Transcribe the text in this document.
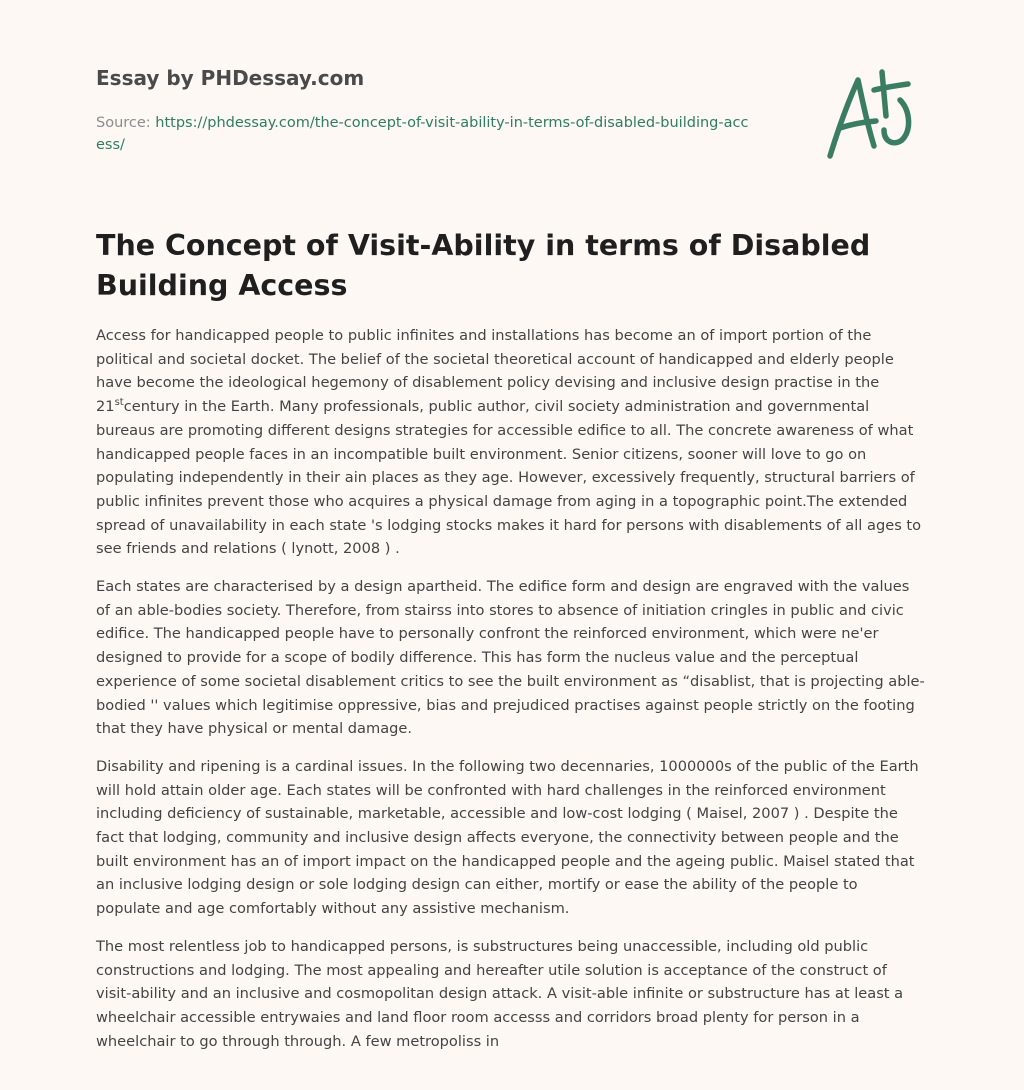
Essay by PHDessay.com
Source: https://phdessay.com/the-concept-of-visit-ability-in-terms-of-disabled-building-access/
The Concept of Visit-Ability in terms of Disabled Building Access

Access for handicapped people to public infinites and installations has become an of import portion of the political and societal docket. The belief of the societal theoretical account of handicapped and elderly people have become the ideological hegemony of disablement policy devising and inclusive design practise in the 21stcentury in the Earth. Many professionals, public author, civil society administration and governmental bureaus are promoting different designs strategies for accessible edifice to all. The concrete awareness of what handicapped people faces in an incompatible built environment. Senior citizens, sooner will love to go on populating independently in their ain places as they age. However, excessively frequently, structural barriers of public infinites prevent those who acquires a physical damage from aging in a topographic point.The extended spread of unavailability in each state 's lodging stocks makes it hard for persons with disablements of all ages to see friends and relations ( lynott, 2008 ) .

Each states are characterised by a design apartheid. The edifice form and design are engraved with the values of an able-bodies society. Therefore, from stairss into stores to absence of initiation cringles in public and civic edifice. The handicapped people have to personally confront the reinforced environment, which were ne'er designed to provide for a scope of bodily difference. This has form the nucleus value and the perceptual experience of some societal disablement critics to see the built environment as “disablist, that is projecting able-bodied '' values which legitimise oppressive, bias and prejudiced practises against people strictly on the footing that they have physical or mental damage.

Disability and ripening is a cardinal issues. In the following two decennaries, 1000000s of the public of the Earth will hold attain older age. Each states will be confronted with hard challenges in the reinforced environment including deficiency of sustainable, marketable, accessible and low-cost lodging ( Maisel, 2007 ) . Despite the fact that lodging, community and inclusive design affects everyone, the connectivity between people and the built environment has an of import impact on the handicapped people and the ageing public. Maisel stated that an inclusive lodging design or sole lodging design can either, mortify or ease the ability of the people to populate and age comfortably without any assistive mechanism.

The most relentless job to handicapped persons, is substructures being unaccessible, including old public constructions and lodging. The most appealing and hereafter utile solution is acceptance of the construct of visit-ability and an inclusive and cosmopolitan design attack. A visit-able infinite or substructure has at least a wheelchair accessible entrywaies and land floor room accesss and corridors broad plenty for person in a wheelchair to go through through. A few metropoliss in
